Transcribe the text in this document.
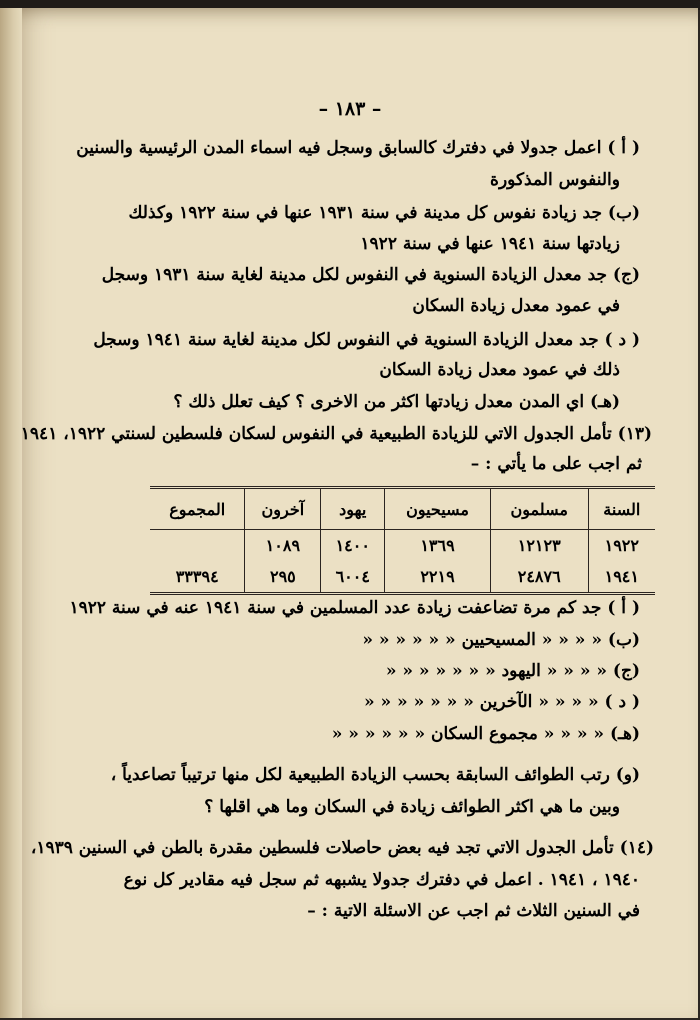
– ١٨٣ –
( أ ) اعمل جدولا في دفترك كالسابق وسجل فيه اسماء المدن الرئيسية والسنين
والنفوس المذكورة
(ب) جد زيادة نفوس كل مدينة في سنة ١٩٣١ عنها في سنة ١٩٢٢ وكذلك
زيادتها سنة ١٩٤١ عنها في سنة ١٩٢٢
(ج) جد معدل الزيادة السنوية في النفوس لكل مدينة لغاية سنة ١٩٣١ وسجل
في عمود معدل زيادة السكان
( د ) جد معدل الزيادة السنوية في النفوس لكل مدينة لغاية سنة ١٩٤١ وسجل
ذلك في عمود معدل زيادة السكان
(هـ) اي المدن معدل زيادتها اكثر من الاخرى ؟ كيف تعلل ذلك ؟
(١٣) تأمل الجدول الاتي للزيادة الطبيعية في النفوس لسكان فلسطين لسنتي ١٩٢٢، ١٩٤١
ثم اجب على ما يأتي : –
السنة	مسلمون	مسيحيون	يهود	آخرون	المجموع
١٩٢٢	١٢١٢٣	١٣٦٩	١٤٠٠	١٠٨٩	
١٩٤١	٢٤٨٧٦	٢٢١٩	٦٠٠٤	٢٩٥	٣٣٣٩٤
( أ ) جد كم مرة تضاعفت زيادة عدد المسلمين في سنة ١٩٤١ عنه في سنة ١٩٢٢
(ب) « « « « المسيحيين « « « « « «
(ج) « « « « اليهود « « « « « « «
( د ) « « « « الآخرين « « « « « « «
(هـ) « « « « مجموع السكان « « « « « «
(و) رتب الطوائف السابقة بحسب الزيادة الطبيعية لكل منها ترتيباً تصاعدياً ،
وبين ما هي اكثر الطوائف زيادة في السكان وما هي اقلها ؟
(١٤) تأمل الجدول الاتي تجد فيه بعض حاصلات فلسطين مقدرة بالطن في السنين ١٩٣٩،
١٩٤٠ ، ١٩٤١ . اعمل في دفترك جدولا يشبهه ثم سجل فيه مقادير كل نوع
في السنين الثلاث ثم اجب عن الاسئلة الاتية : –
